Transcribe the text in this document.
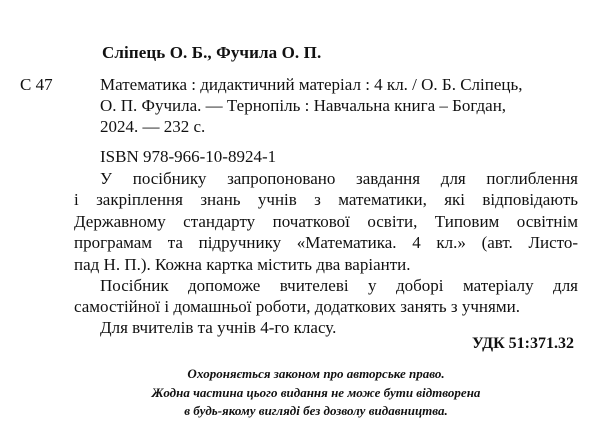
Сліпець О. Б., Фучила О. П.
С 47	Математика : дидактичний матеріал : 4 кл. / О. Б. Сліпець,
О. П. Фучила. — Тернопіль : Навчальна книга – Богдан,
2024. — 232 с.
ISBN 978-966-10-8924-1

У посібнику запропоновано завдання для поглиблення
і закріплення знань учнів з математики, які відповідають
Державному стандарту початкової освіти, Типовим освітнім
програмам та підручнику «Математика. 4 кл.» (авт. Листо-
пад Н. П.). Кожна картка містить два варіанти.

Посібник допоможе вчителеві у доборі матеріалу для
самостійної і домашньої роботи, додаткових занять з учнями.

Для вчителів та учнів 4-го класу.

УДК 51:371.32
Охороняється законом про авторське право.
Жодна частина цього видання не може бути відтворена
в будь-якому вигляді без дозволу видавництва.
